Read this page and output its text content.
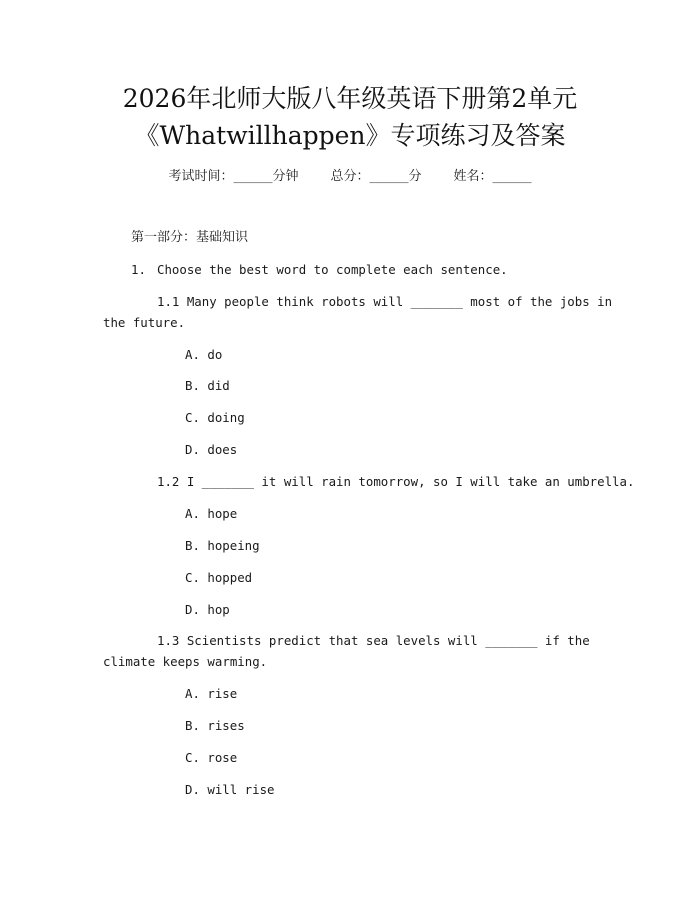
2026年北师大版八年级英语下册第2单元
《Whatwillhappen》专项练习及答案
考试时间：______分钟 总分：______分 姓名：______
第一部分：基础知识
1. Choose the best word to complete each sentence.
1.1 Many people think robots will _______ most of the jobs in
the future.
A. do
B. did
C. doing
D. does
1.2 I _______ it will rain tomorrow, so I will take an umbrella.
A. hope
B. hopeing
C. hopped
D. hop
1.3 Scientists predict that sea levels will _______ if the
climate keeps warming.
A. rise
B. rises
C. rose
D. will rise
